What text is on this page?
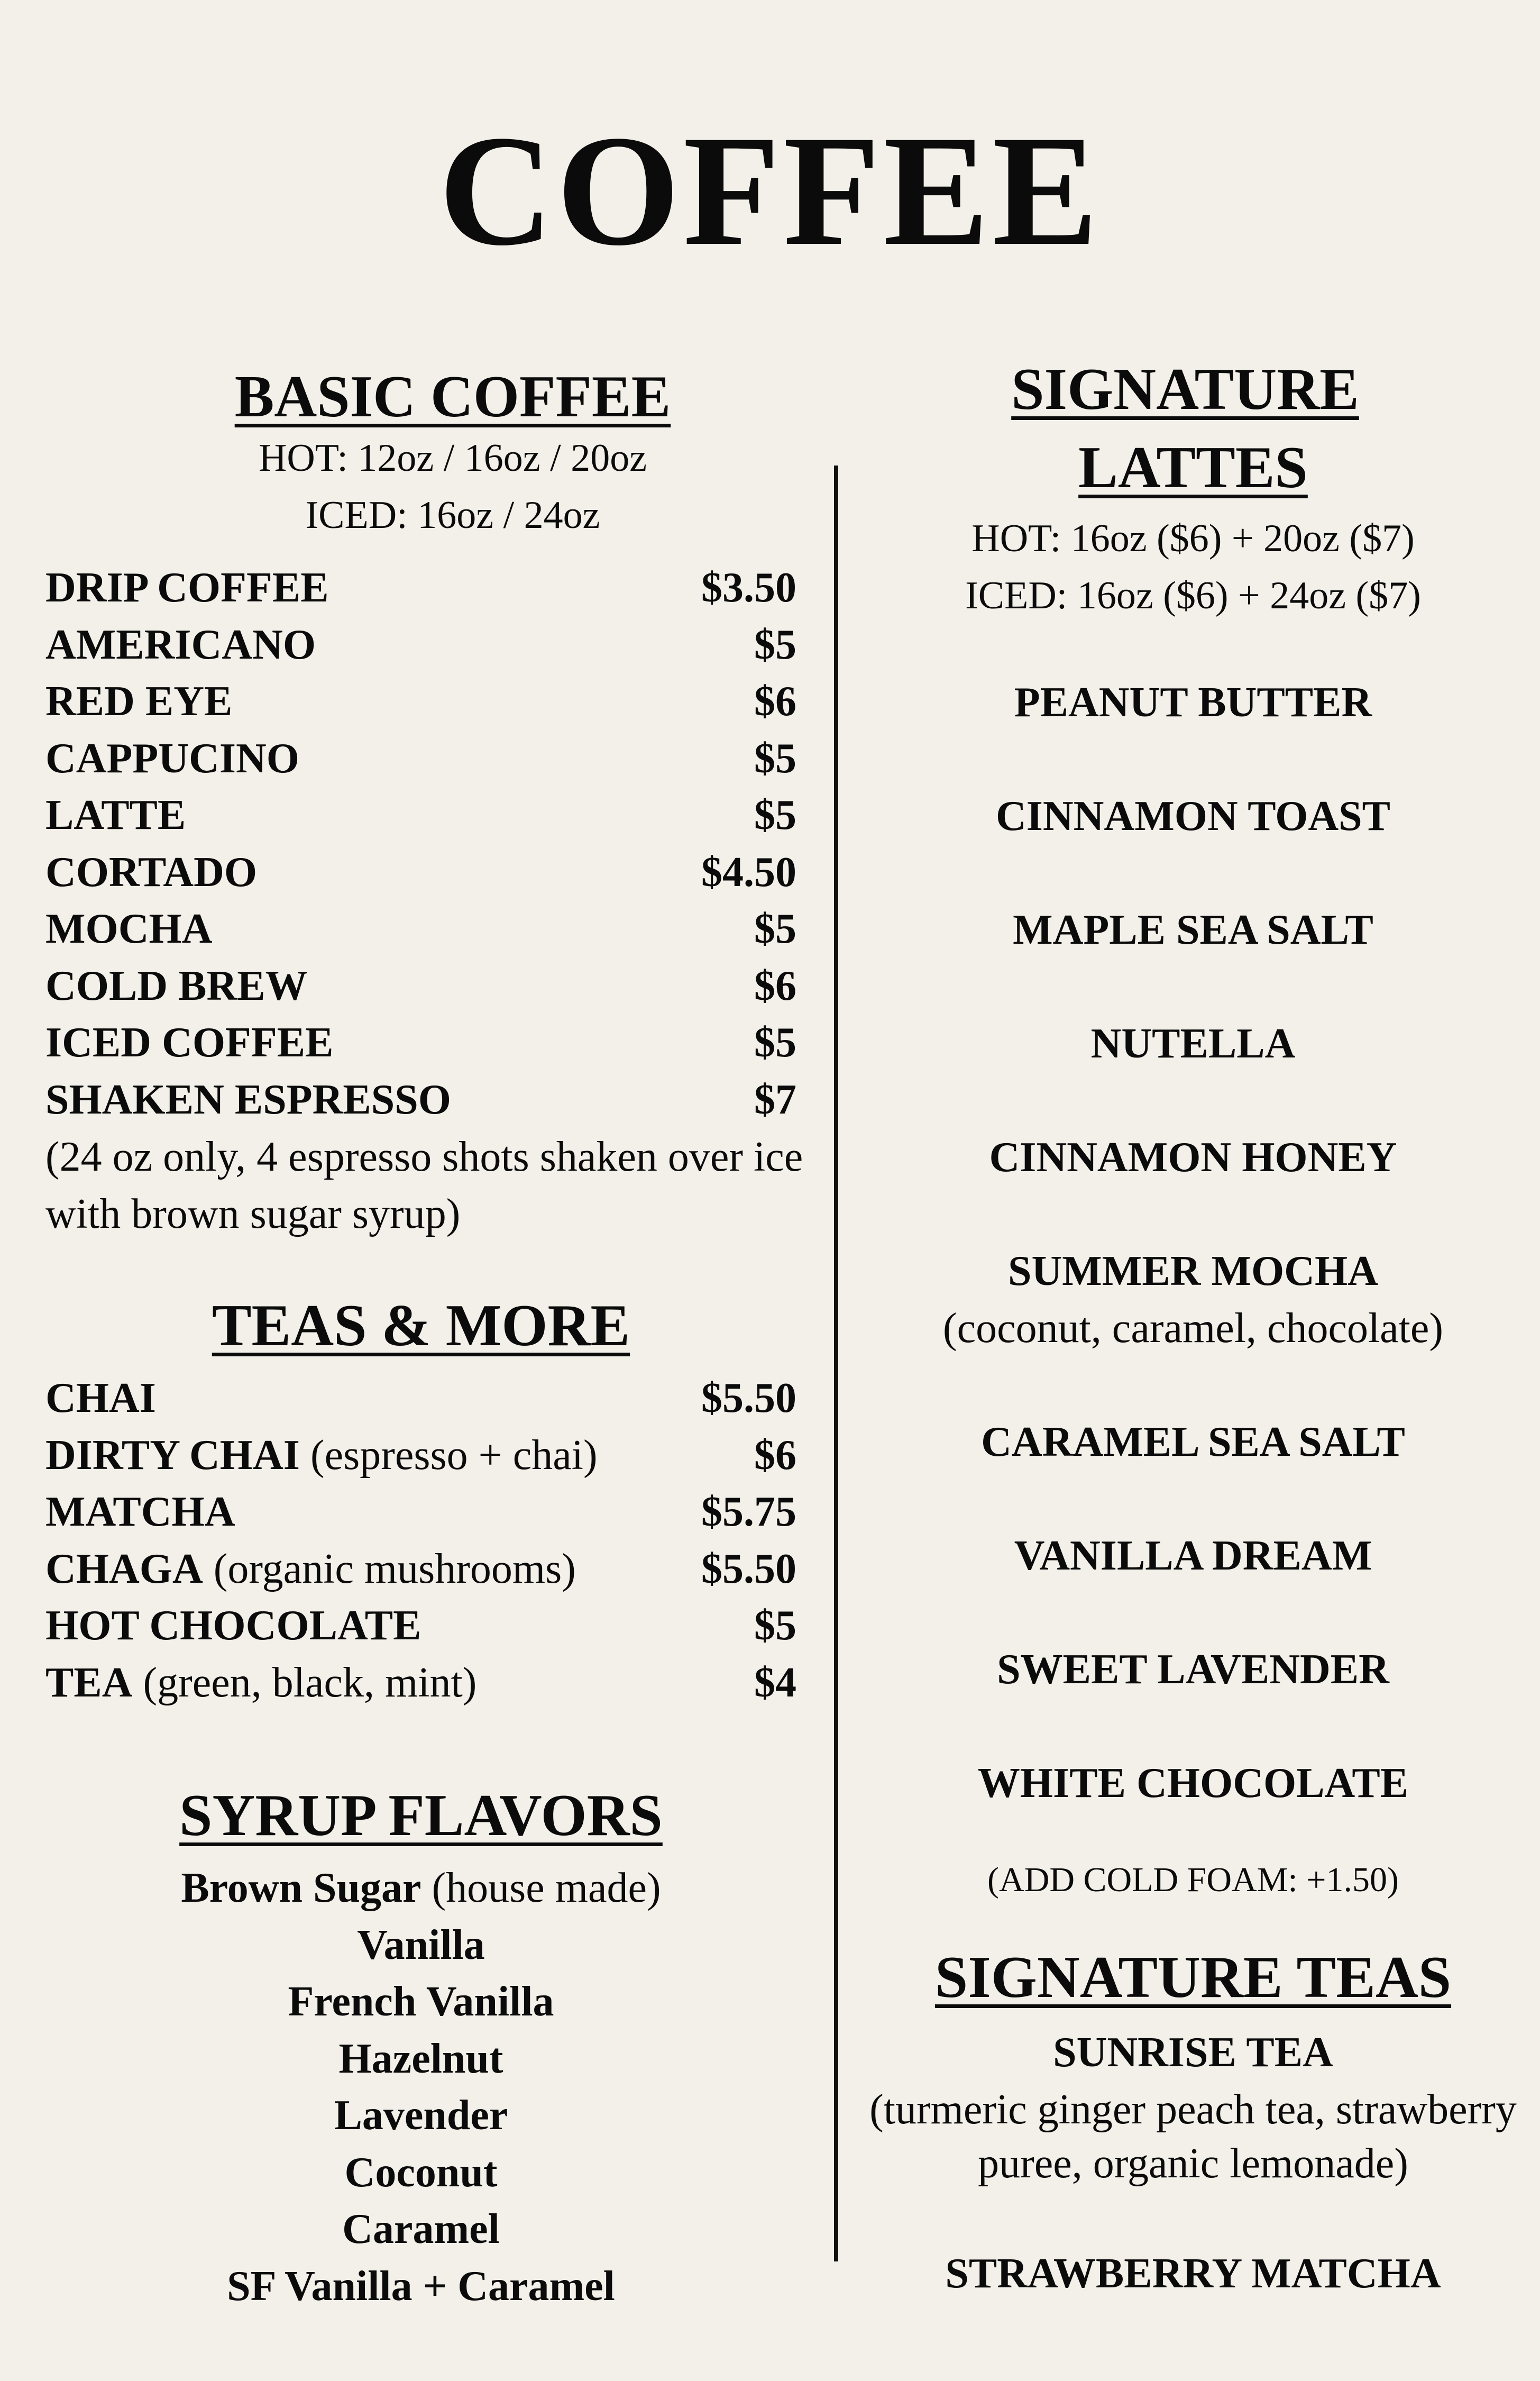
COFFEE
BASIC COFFEE
HOT: 12oz / 16oz / 20oz
ICED: 16oz / 24oz
DRIP COFFEE	$3.50
AMERICANO	$5
RED EYE	$6
CAPPUCINO	$5
LATTE	$5
CORTADO	$4.50
MOCHA	$5
COLD BREW	$6
ICED COFFEE	$5
SHAKEN ESPRESSO	$7
(24 oz only, 4 espresso shots shaken over ice with brown sugar syrup)
TEAS & MORE
CHAI	$5.50
DIRTY CHAI (espresso + chai)	$6
MATCHA	$5.75
CHAGA (organic mushrooms)	$5.50
HOT CHOCOLATE	$5
TEA (green, black, mint)	$4
SYRUP FLAVORS
Brown Sugar (house made)
Vanilla
French Vanilla
Hazelnut
Lavender
Coconut
Caramel
SF Vanilla + Caramel
SIGNATURE
LATTES
HOT: 16oz ($6) + 20oz ($7)
ICED: 16oz ($6) + 24oz ($7)
PEANUT BUTTER
CINNAMON TOAST
MAPLE SEA SALT
NUTELLA
CINNAMON HONEY
SUMMER MOCHA
(coconut, caramel, chocolate)
CARAMEL SEA SALT
VANILLA DREAM
SWEET LAVENDER
WHITE CHOCOLATE
(ADD COLD FOAM: +1.50)
SIGNATURE TEAS
SUNRISE TEA
(turmeric ginger peach tea, strawberry
puree, organic lemonade)
STRAWBERRY MATCHA
